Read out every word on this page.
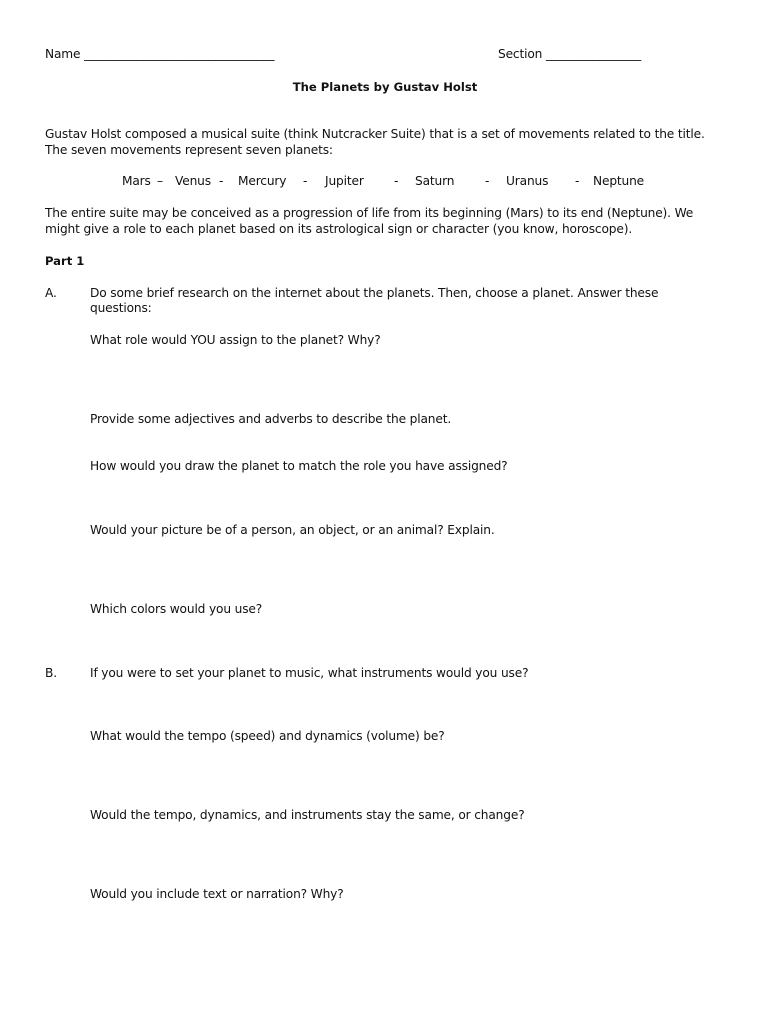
Name ________________________________	Section ________________
The Planets by Gustav Holst
Gustav Holst composed a musical suite (think Nutcracker Suite) that is a set of movements related to the title.
The seven movements represent seven planets:
Mars – Venus - Mercury - Jupiter - Saturn	- Uranus - Neptune
The entire suite may be conceived as a progression of life from its beginning (Mars) to its end (Neptune). We
might give a role to each planet based on its astrological sign or character (you know, horoscope).
Part 1
A.	Do some brief research on the internet about the planets. Then, choose a planet. Answer these
questions:
What role would YOU assign to the planet? Why?
Provide some adjectives and adverbs to describe the planet.
How would you draw the planet to match the role you have assigned?
Would your picture be of a person, an object, or an animal? Explain.
Which colors would you use?
B.	If you were to set your planet to music, what instruments would you use?
What would the tempo (speed) and dynamics (volume) be?
Would the tempo, dynamics, and instruments stay the same, or change?
Would you include text or narration? Why?
